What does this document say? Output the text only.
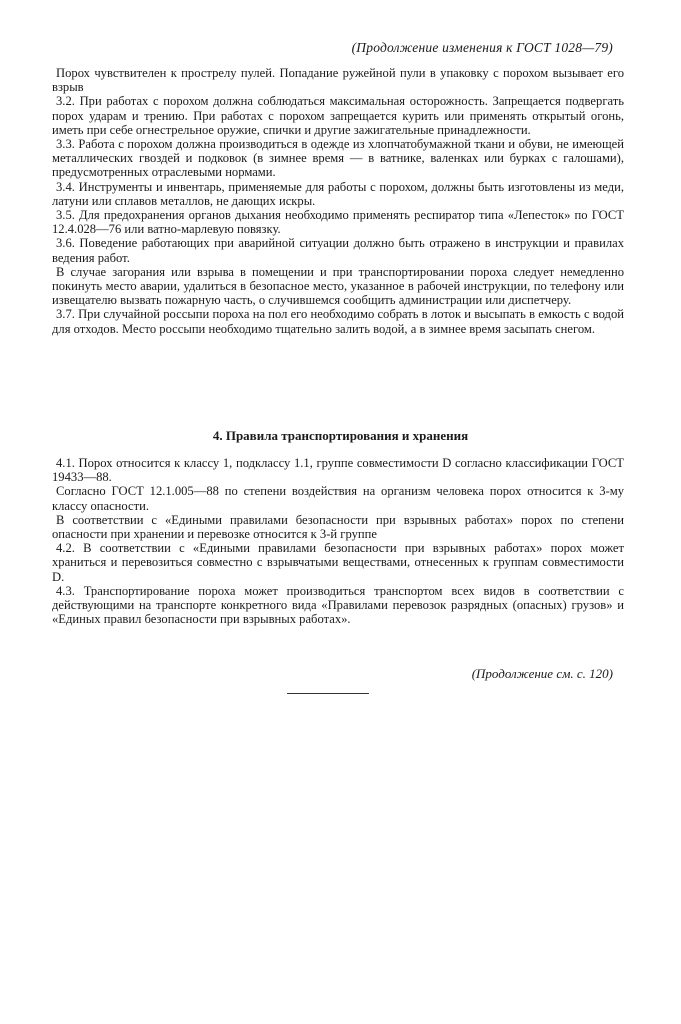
(Продолжение изменения к ГОСТ 1028—79)

Порох чувствителен к прострелу пулей. Попадание ружейной пули в упаковку с порохом вызывает его взрыв

3.2. При работах с порохом должна соблюдаться максимальная осторожность. Запрещается подвергать порох ударам и трению. При работах с порохом запрещается курить или применять открытый огонь, иметь при себе огнестрельное оружие, спички и другие зажигательные принадлежности.

3.3. Работа с порохом должна производиться в одежде из хлопчатобумажной ткани и обуви, не имеющей металлических гвоздей и подковок (в зимнее время — в ватнике, валенках или бурках с галошами), предусмотренных отраслевыми нормами.

3.4. Инструменты и инвентарь, применяемые для работы с порохом, должны быть изготовлены из меди, латуни или сплавов металлов, не дающих искры.

3.5. Для предохранения органов дыхания необходимо применять респиратор типа «Лепесток» по ГОСТ 12.4.028—76 или ватно-марлевую повязку.

3.6. Поведение работающих при аварийной ситуации должно быть отражено в инструкции и правилах ведения работ.

В случае загорания или взрыва в помещении и при транспортировании пороха следует немедленно покинуть место аварии, удалиться в безопасное место, указанное в рабочей инструкции, по телефону или извещателю вызвать пожарную часть, о случившемся сообщить администрации или диспетчеру.

3.7. При случайной россыпи пороха на пол его необходимо собрать в лоток и высыпать в емкость с водой для отходов. Место россыпи необходимо тщательно залить водой, а в зимнее время засыпать снегом.

4. Правила транспортирования и хранения

4.1. Порох относится к классу 1, подклассу 1.1, группе совместимости D согласно классификации ГОСТ 19433—88.

Согласно ГОСТ 12.1.005—88 по степени воздействия на организм человека порох относится к 3-му классу опасности.

В соответствии с «Едиными правилами безопасности при взрывных работах» порох по степени опасности при хранении и перевозке относится к 3-й группе

4.2. В соответствии с «Едиными правилами безопасности при взрывных работах» порох может храниться и перевозиться совместно с взрывчатыми веществами, отнесенных к группам совместимости D.

4.3. Транспортирование пороха может производиться транспортом всех видов в соответствии с действующими на транспорте конкретного вида «Правилами перевозок разрядных (опасных) грузов» и «Единых правил безопасности при взрывных работах».

(Продолжение см. с. 120)
